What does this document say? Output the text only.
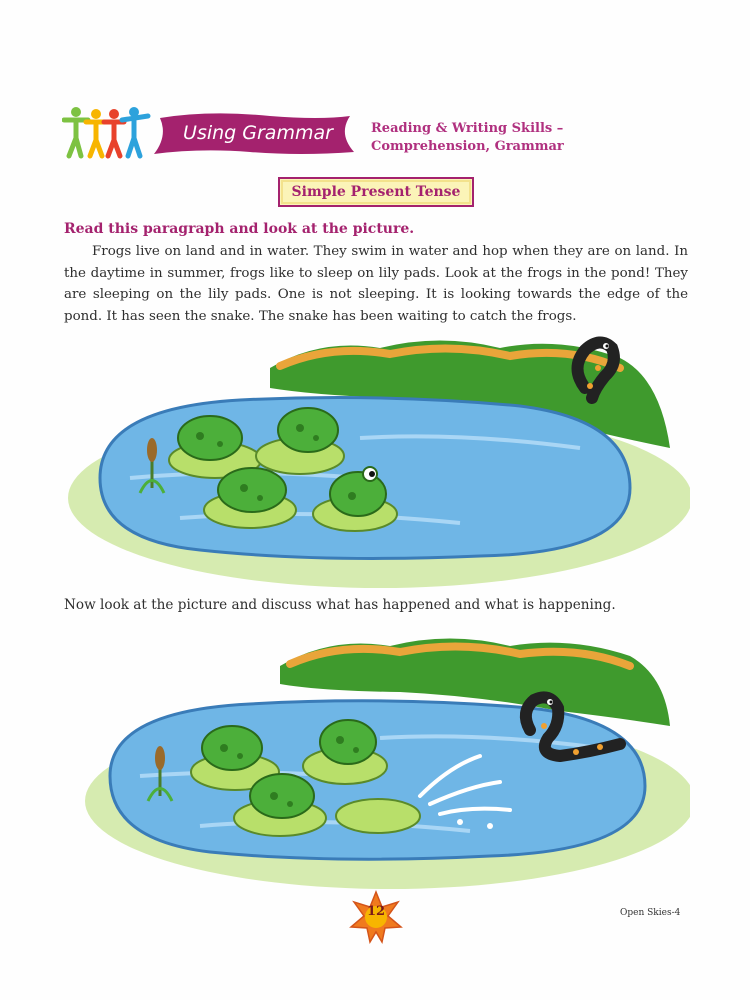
Using Grammar	Reading & Writing Skills –
Comprehension, Grammar
Simple Present Tense
Read this paragraph and look at the picture.
Frogs live on land and in water. They swim in water and hop when they are on land. In the daytime in summer, frogs like to sleep on lily pads. Look at the frogs in the pond! They are sleeping on the lily pads. One is not sleeping. It is looking towards the edge of the pond. It has seen the snake. The snake has been waiting to catch the frogs.
Now look at the picture and discuss what has happened and what is happening.
12	Open Skies-4
